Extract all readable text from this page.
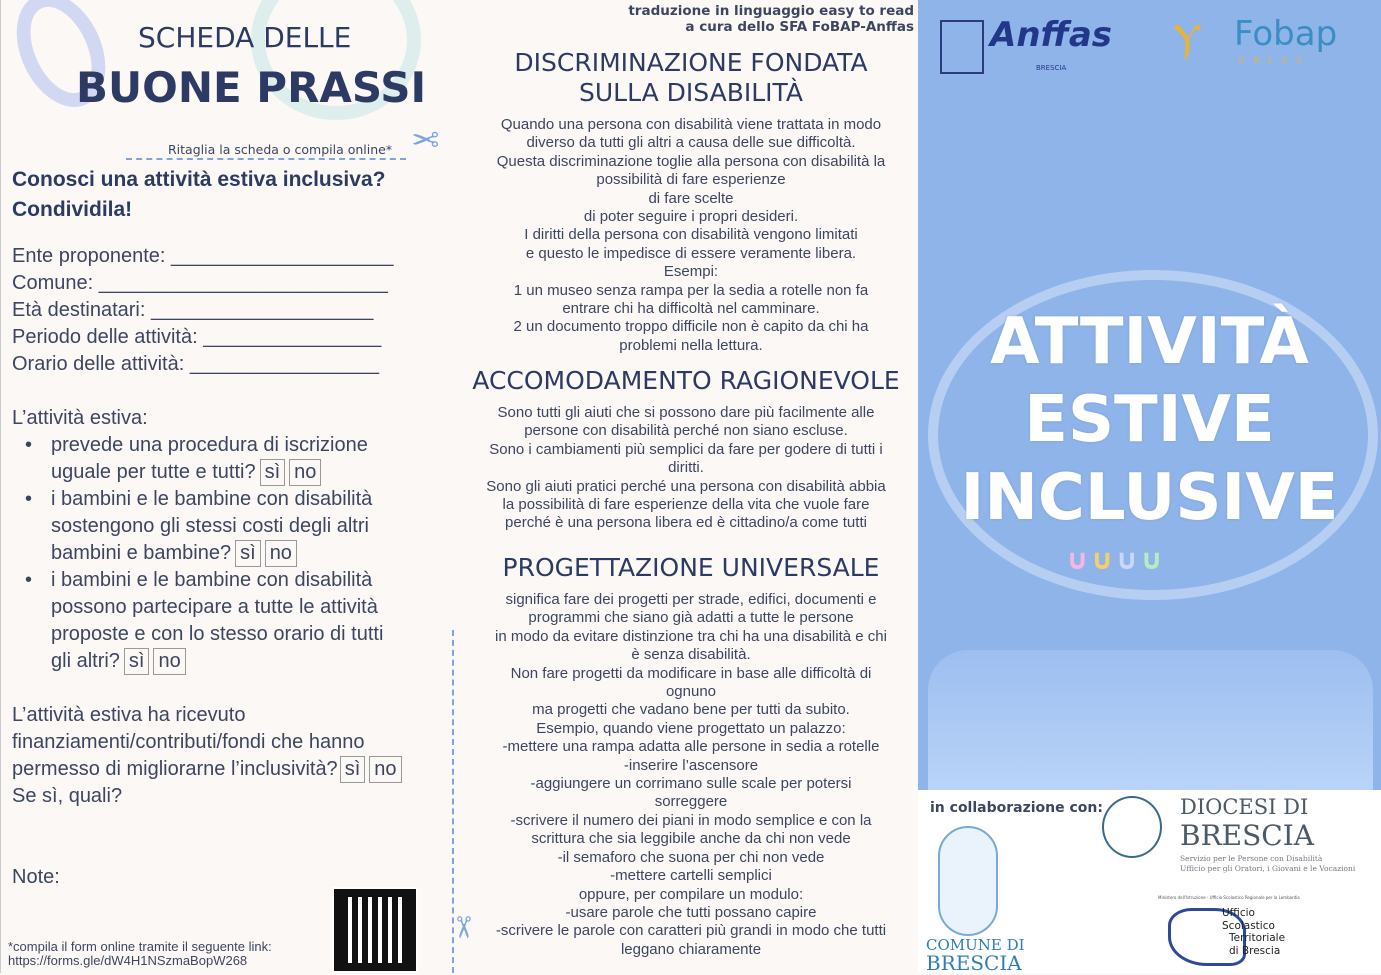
SCHEDA DELLE
BUONE PRASSI
Ritaglia la scheda o compila online* ✂
Conosci una attività estiva inclusiva?
Condividila!
Ente proponente: ____________________
Comune: __________________________
Età destinatari: ____________________
Periodo delle attività: ________________
Orario delle attività: _________________
L’attività estiva:
• prevede una procedura di iscrizione
uguale per tutte e tutti? sì no
• i bambini e le bambine con disabilità
sostengono gli stessi costi degli altri
bambini e bambine? sì no
• i bambini e le bambine con disabilità
possono partecipare a tutte le attività
proposte e con lo stesso orario di tutti
gli altri? sì no
L’attività estiva ha ricevuto
finanziamenti/contributi/fondi che hanno
permesso di migliorarne l’inclusività? sì no
Se sì, quali?
Note:
*compila il form online tramite il seguente link:
https://forms.gle/dW4H1NSzmaBopW268
traduzione in linguaggio easy to read
a cura dello SFA FoBAP-Anffas
DISCRIMINAZIONE FONDATA
SULLA DISABILITÀ
Quando una persona con disabilità viene trattata in modo
diverso da tutti gli altri a causa delle sue difficoltà.
Questa discriminazione toglie alla persona con disabilità la
possibilità di fare esperienze
di fare scelte
di poter seguire i propri desideri.
I diritti della persona con disabilità vengono limitati
e questo le impedisce di essere veramente libera.
Esempi:
1 un museo senza rampa per la sedia a rotelle non fa
entrare chi ha difficoltà nel camminare.
2 un documento troppo difficile non è capito da chi ha
problemi nella lettura.
ACCOMODAMENTO RAGIONEVOLE
Sono tutti gli aiuti che si possono dare più facilmente alle
persone con disabilità perché non siano escluse.
Sono i cambiamenti più semplici da fare per godere di tutti i
diritti.
Sono gli aiuti pratici perché una persona con disabilità abbia
la possibilità di fare esperienze della vita che vuole fare
perché è una persona libera ed è cittadino/a come tutti
PROGETTAZIONE UNIVERSALE
significa fare dei progetti per strade, edifici, documenti e
programmi che siano già adatti a tutte le persone
in modo da evitare distinzione tra chi ha una disabilità e chi
è senza disabilità.
Non fare progetti da modificare in base alle difficoltà di
ognuno
ma progetti che vadano bene per tutti da subito.
Esempio, quando viene progettato un palazzo:
-mettere una rampa adatta alle persone in sedia a rotelle
-inserire l’ascensore
-aggiungere un corrimano sulle scale per potersi
sorreggere
-scrivere il numero dei piani in modo semplice e con la
scrittura che sia leggibile anche da chi non vede
-il semaforo che suona per chi non vede
-mettere cartelli semplici
oppure, per compilare un modulo:
-usare parole che tutti possano capire
-scrivere le parole con caratteri più grandi in modo che tutti
leggano chiaramente
✂
Anffas
BRESCIA
Ⲩ Fobap
ONLUS
ATTIVITÀ
ESTIVE
INCLUSIVE
∪∪∪∪
in collaborazione con:	DIOCESI DI
BRESCIA
Servizio per le Persone con Disabilità
Ufficio per gli Oratori, i Giovani e le Vocazioni
COMUNE DI
BRESCIA
Ministero dell'Istruzione - Ufficio Scolastico Regionale per la Lombardia
Ufficio
Scolastico
Territoriale
di Brescia
